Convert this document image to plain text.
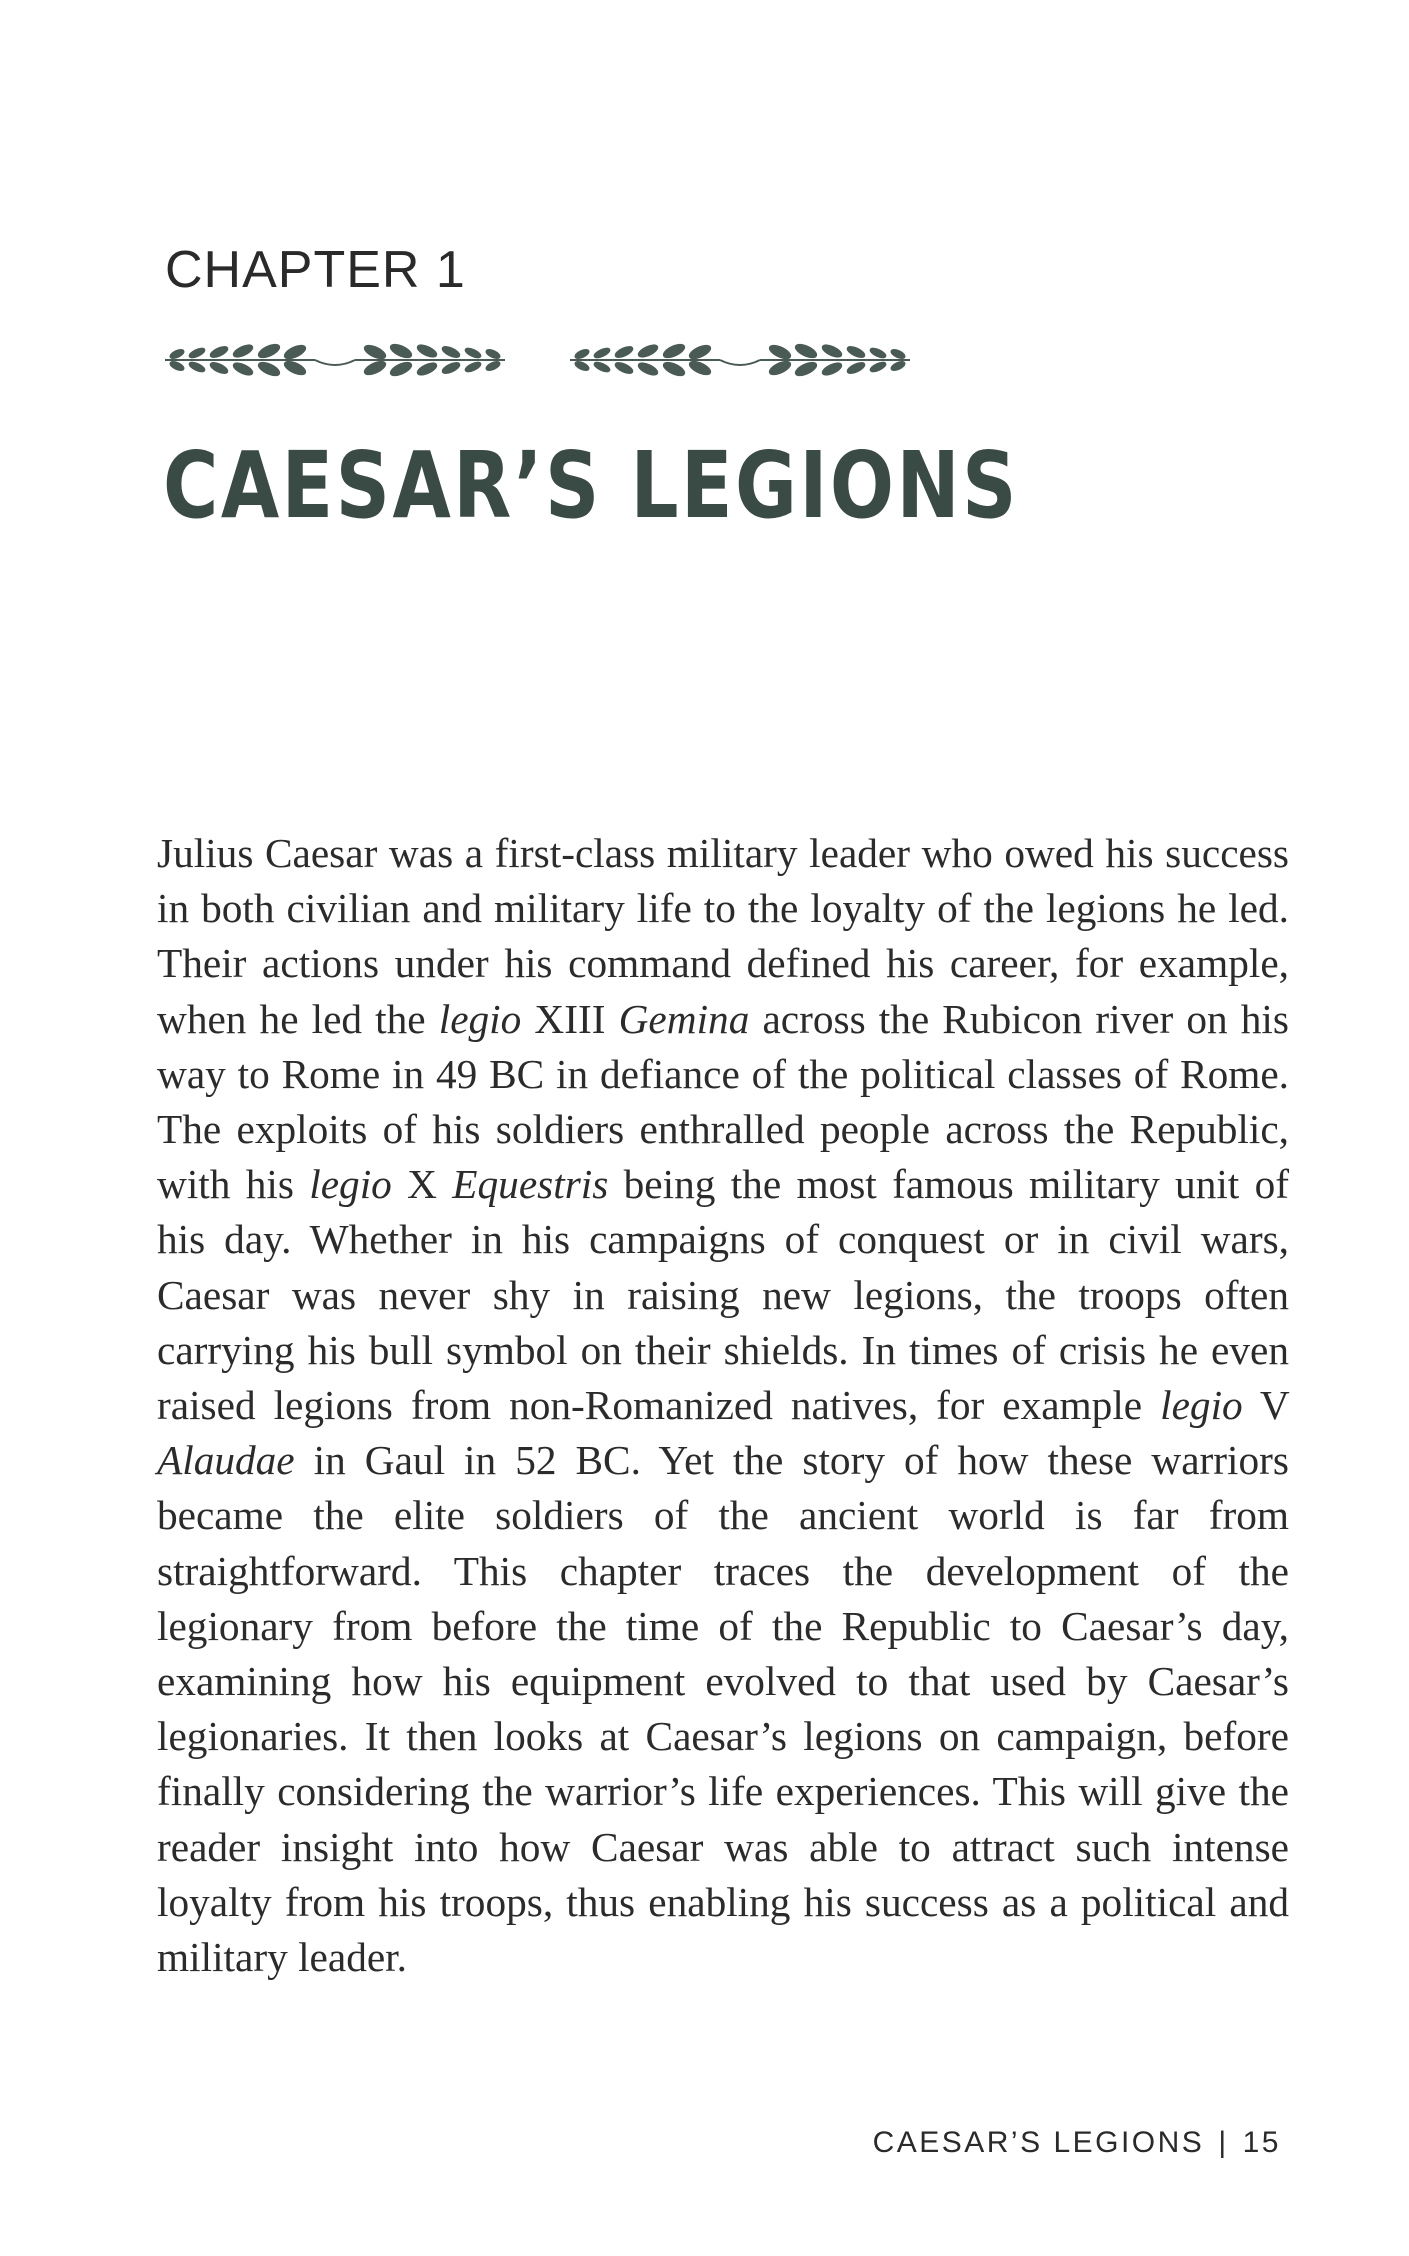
CHAPTER 1
CAESAR’S LEGIONS

Julius Caesar was a first-class military leader who owed his success in both civilian and military life to the loyalty of the legions he led. Their actions under his command defined his career, for example, when he led the legio XIII Gemina across the Rubicon river on his way to Rome in 49 BC in defiance of the political classes of Rome. The exploits of his soldiers enthralled people across the Republic, with his legio X Equestris being the most famous military unit of his day. Whether in his campaigns of conquest or in civil wars, Caesar was never shy in raising new legions, the troops often carrying his bull symbol on their shields. In times of crisis he even raised legions from non-Romanized natives, for example legio V Alaudae in Gaul in 52 BC. Yet the story of how these warriors became the elite soldiers of the ancient world is far from straightforward. This chapter traces the development of the legionary from before the time of the Republic to Caesar’s day, examining how his equipment evolved to that used by Caesar’s legionaries. It then looks at Caesar’s legions on campaign, before finally considering the warrior’s life experiences. This will give the reader insight into how Caesar was able to attract such intense loyalty from his troops, thus enabling his success as a political and military leader.

CAESAR’S LEGIONS | 15
